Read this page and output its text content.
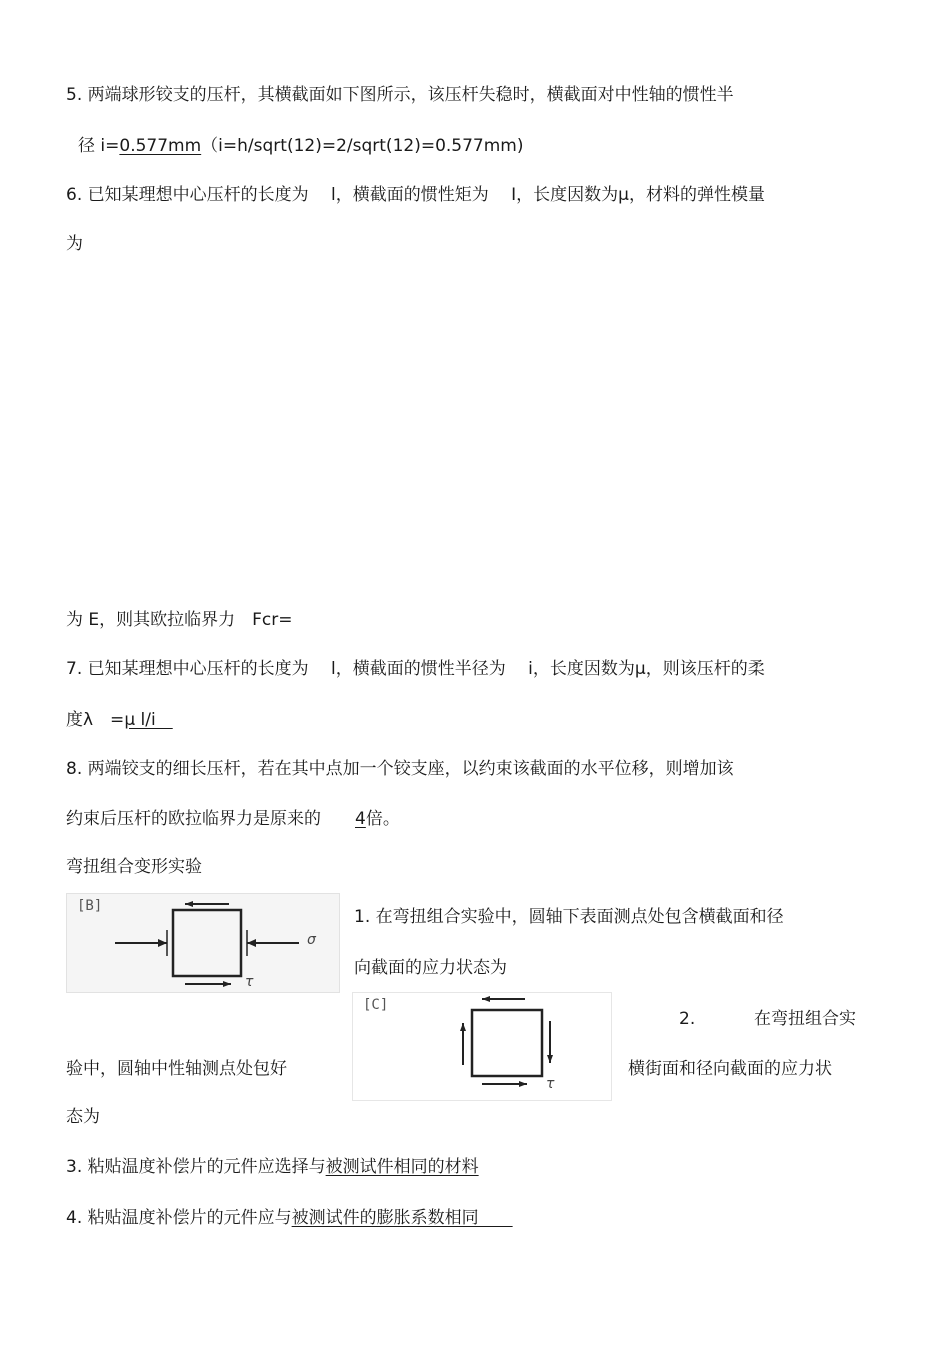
5. 两端球形铰支的压杆，其横截面如下图所示，该压杆失稳时，横截面对中性轴的惯性半
径 i=0.577mm（i=h/sqrt(12)=2/sqrt(12)=0.577mm)
6. 已知某理想中心压杆的长度为　 l，横截面的惯性矩为　 I，长度因数为μ，材料的弹性模量
为
为 E，则其欧拉临界力　Fcr=
7. 已知某理想中心压杆的长度为　 l，横截面的惯性半径为　 i，长度因数为μ，则该压杆的柔
度λ　=μ l/i　
8. 两端铰支的细长压杆，若在其中点加一个铰支座，以约束该截面的水平位移，则增加该
约束后压杆的欧拉临界力是原来的　　4倍。
弯扭组合变形实验
[B]
σ
τ
1. 在弯扭组合实验中，圆轴下表面测点处包含横截面和径
向截面的应力状态为
[C]
τ
2.	在弯扭组合实
验中，圆轴中性轴测点处包好	横街面和径向截面的应力状
态为
3. 粘贴温度补偿片的元件应选择与被测试件相同的材料
4. 粘贴温度补偿片的元件应与被测试件的膨胀系数相同　　
